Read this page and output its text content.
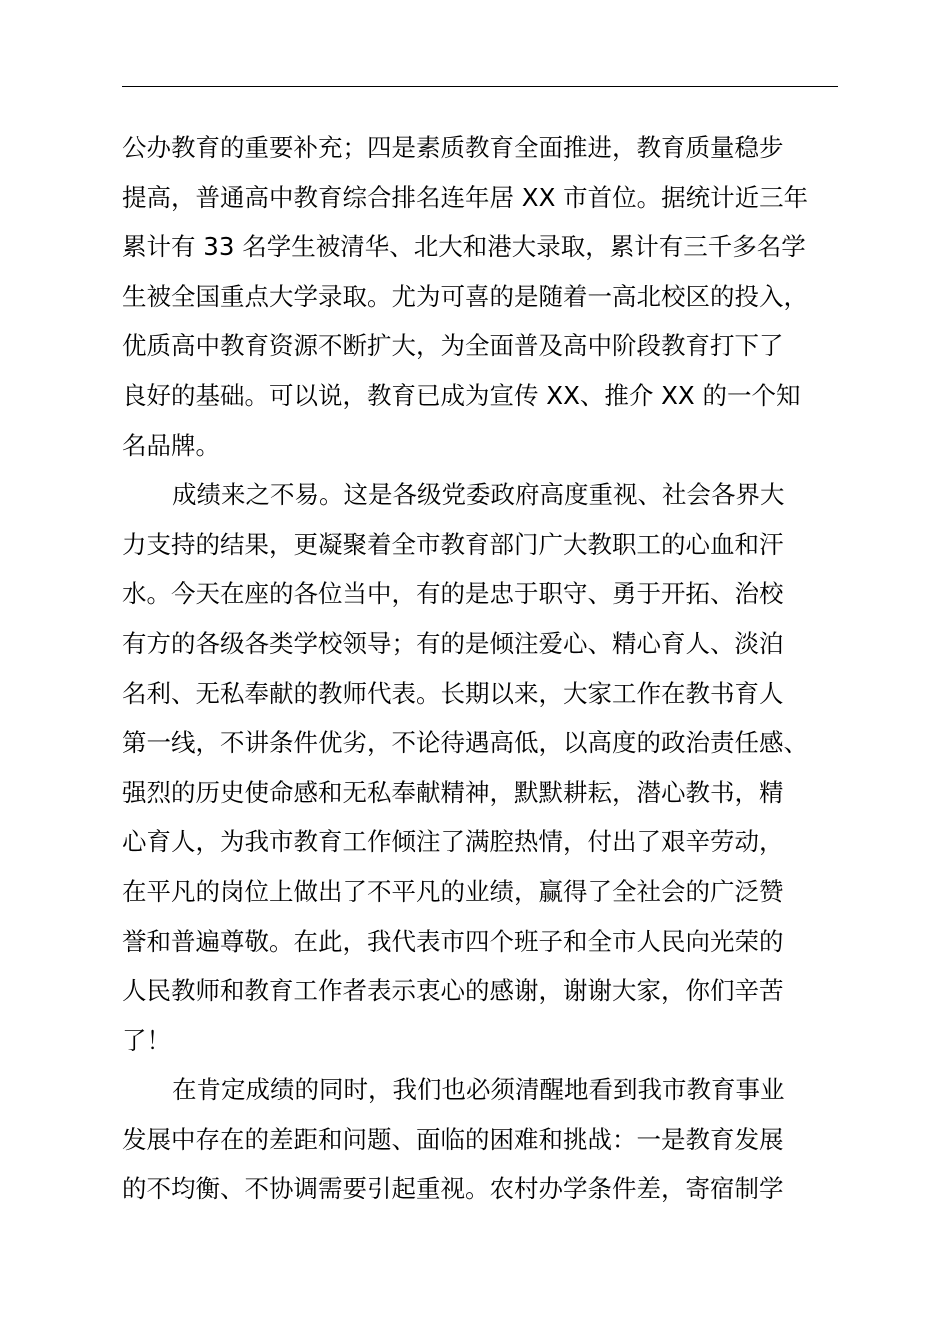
公办教育的重要补充；四是素质教育全面推进，教育质量稳步
提高，普通高中教育综合排名连年居 XX 市首位。据统计近三年
累计有 33 名学生被清华、北大和港大录取，累计有三千多名学
生被全国重点大学录取。尤为可喜的是随着一高北校区的投入，
优质高中教育资源不断扩大，为全面普及高中阶段教育打下了
良好的基础。可以说，教育已成为宣传 XX、推介 XX 的一个知
名品牌。
成绩来之不易。这是各级党委政府高度重视、社会各界大
力支持的结果，更凝聚着全市教育部门广大教职工的心血和汗
水。今天在座的各位当中，有的是忠于职守、勇于开拓、治校
有方的各级各类学校领导；有的是倾注爱心、精心育人、淡泊
名利、无私奉献的教师代表。长期以来，大家工作在教书育人
第一线，不讲条件优劣，不论待遇高低，以高度的政治责任感、
强烈的历史使命感和无私奉献精神，默默耕耘，潜心教书，精
心育人，为我市教育工作倾注了满腔热情，付出了艰辛劳动，
在平凡的岗位上做出了不平凡的业绩，赢得了全社会的广泛赞
誉和普遍尊敬。在此，我代表市四个班子和全市人民向光荣的
人民教师和教育工作者表示衷心的感谢，谢谢大家，你们辛苦
了！
在肯定成绩的同时，我们也必须清醒地看到我市教育事业
发展中存在的差距和问题、面临的困难和挑战：一是教育发展
的不均衡、不协调需要引起重视。农村办学条件差，寄宿制学
